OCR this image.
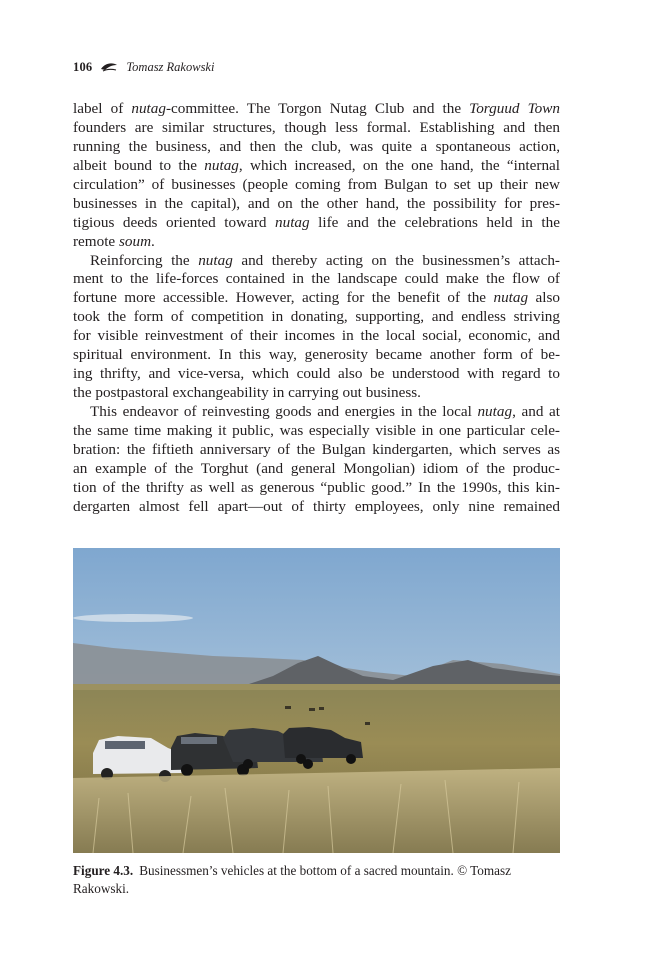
106	Tomasz Rakowski
label of nutag-committee. The Torgon Nutag Club and the Torguud Town
founders are similar structures, though less formal. Establishing and then
running the business, and then the club, was quite a spontaneous action,
albeit bound to the nutag, which increased, on the one hand, the “internal
circulation” of businesses (people coming from Bulgan to set up their new
businesses in the capital), and on the other hand, the possibility for pres-
tigious deeds oriented toward nutag life and the celebrations held in the
remote soum.
Reinforcing the nutag and thereby acting on the businessmen’s attach-
ment to the life-forces contained in the landscape could make the flow of
fortune more accessible. However, acting for the benefit of the nutag also
took the form of competition in donating, supporting, and endless striving
for visible reinvestment of their incomes in the local social, economic, and
spiritual environment. In this way, generosity became another form of be-
ing thrifty, and vice-versa, which could also be understood with regard to
the postpastoral exchangeability in carrying out business.
This endeavor of reinvesting goods and energies in the local nutag, and at
the same time making it public, was especially visible in one particular cele-
bration: the fiftieth anniversary of the Bulgan kindergarten, which serves as
an example of the Torghut (and general Mongolian) idiom of the produc-
tion of the thrifty as well as generous “public good.” In the 1990s, this kin-
dergarten almost fell apart—out of thirty employees, only nine remained
Figure 4.3. Businessmen’s vehicles at the bottom of a sacred mountain. © Tomasz Rakowski.
